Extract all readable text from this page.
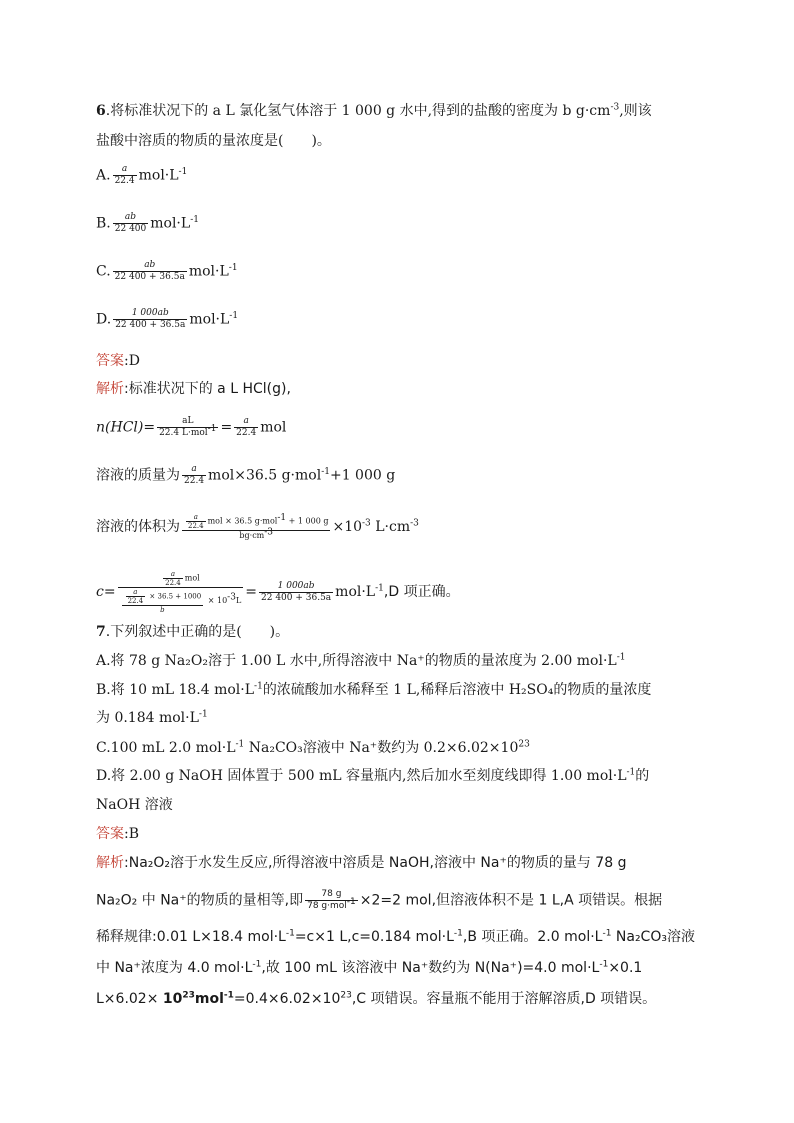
6.将标准状况下的 a L 氯化氢气体溶于 1 000 g 水中,得到的盐酸的密度为 b $g\cdot cm^{-3}$,则该
盐酸中溶质的物质的量浓度是(　　)。
A. $\frac{a}{22.4} mol\cdot L^{-1}$
B. $\frac{ab}{22 400} mol\cdot L^{-1}$
C. $\frac{ab}{22 400 + 36.5a} mol\cdot L^{-1}$
D. $\frac{1 000ab}{22 400 + 36.5a} mol\cdot L^{-1}$
答案:D
解析:标准状况下的 a L HCl(g),
n(HCl)=	aL
22.4 $L\cdot mol^{-1} = \frac{a}{22.4}$ mol
溶液的质量为 $\frac{a}{22.4} mol\times 36.5$ g·mol$^{-1}$+1 000 g
溶液的体积为 $\frac{a}{22.4}$ mol × 36.5 g·mol$^{-1}$ + 1 000 g
$bg\cdot cm^{-3}$	$\times 10^{-3}$ $L\cdot cm^{-3}$
c=
$\frac{a}{22.4}$ mol
$\frac{\frac{a}{22.4} \times 36.5 + 1000}{b} \times 10^{-3}L$
= $\frac{1 000ab}{22 400 + 36.5a} mol\cdot L^{-1},D$ 项正确。
7.下列叙述中正确的是(　　)。
A.将 78 g Na₂O₂溶于 1.00 L 水中,所得溶液中 Na⁺的物质的量浓度为 2.00 $mol\cdot L^{-1}$
B.将 10 mL 18.4 $mol\cdot L^{-1}$的浓硫酸加水稀释至 1 L,稀释后溶液中 H₂SO₄的物质的量浓度
为 0.184 $mol\cdot L^{-1}$
C.100 mL 2.0 $mol\cdot L^{-1}$ Na₂CO₃溶液中 Na⁺数约为 $0.2\times 6.02\times 10^{23}$
D.将 2.00 g NaOH 固体置于 500 mL 容量瓶内,然后加水至刻度线即得 1.00 $mol\cdot L^{-1}$的
NaOH 溶液
答案:B
解析:Na₂O₂溶于水发生反应,所得溶液中溶质是 NaOH,溶液中 Na⁺的物质的量与 78 g
Na₂O₂ 中 Na⁺的物质的量相等,即	78 g
78 g·mol$^{-1}$ ×2=2 mol,但溶液体积不是 1 L,A 项错误。根据
稀释规律:0.01 L×18.4 $mol\cdot L^{-1}=c\times 1$ L,c=0.184 $mol\cdot L^{-1},B$ 项正确。2.0 $mol\cdot L^{-1}$ Na₂CO₃溶液
中 Na⁺浓度为 4.0 $mol\cdot L^{-1}$,故 100 mL 该溶液中 Na⁺数约为 N(Na⁺)=4.0 $mol\cdot L^{-1}\times 0.1$
$L\times 6.02\times 10^{23}mol^{-1}=0.4\times 6.02\times 10^{23},C$ 项错误。容量瓶不能用于溶解溶质,D 项错误。
